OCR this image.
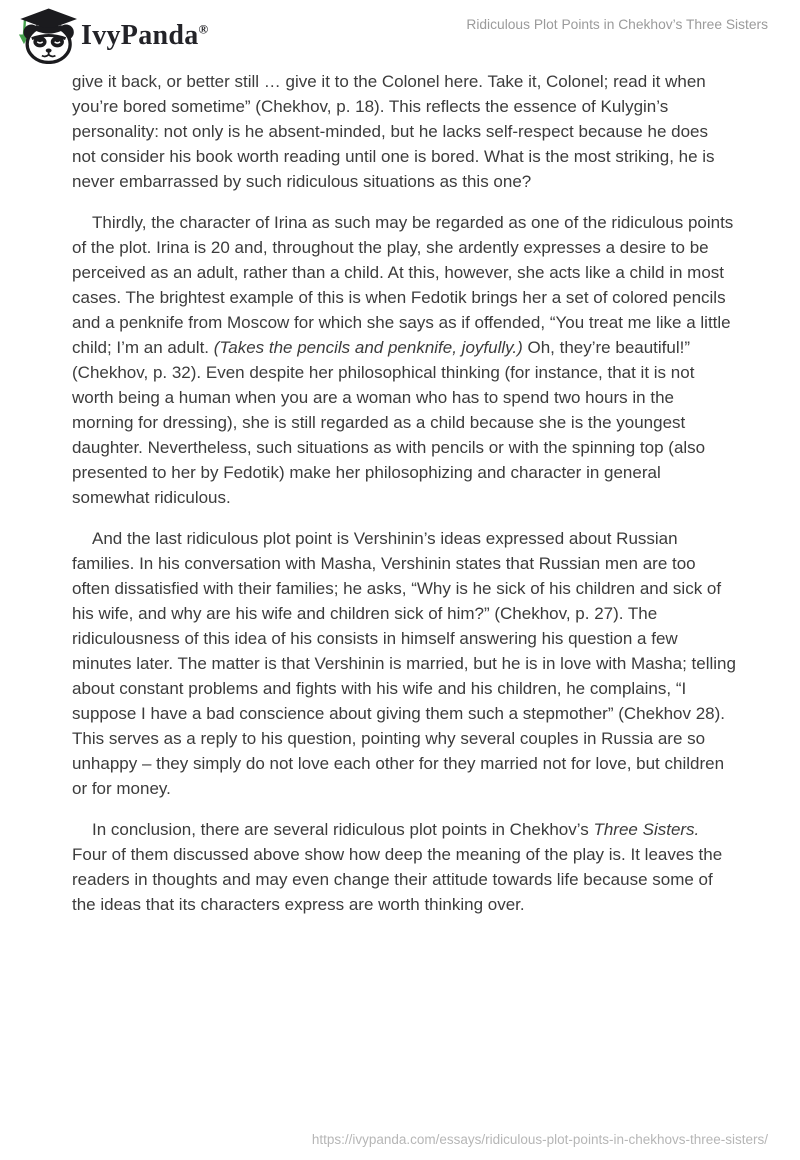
IvyPanda®	Ridiculous Plot Points in Chekhov’s Three Sisters

give it back, or better still … give it to the Colonel here. Take it, Colonel; read it when you’re bored sometime” (Chekhov, p. 18). This reflects the essence of Kulygin’s personality: not only is he absent-minded, but he lacks self-respect because he does not consider his book worth reading until one is bored. What is the most striking, he is never embarrassed by such ridiculous situations as this one?

Thirdly, the character of Irina as such may be regarded as one of the ridiculous points of the plot. Irina is 20 and, throughout the play, she ardently expresses a desire to be perceived as an adult, rather than a child. At this, however, she acts like a child in most cases. The brightest example of this is when Fedotik brings her a set of colored pencils and a penknife from Moscow for which she says as if offended, “You treat me like a little child; I’m an adult. (Takes the pencils and penknife, joyfully.) Oh, they’re beautiful!” (Chekhov, p. 32). Even despite her philosophical thinking (for instance, that it is not worth being a human when you are a woman who has to spend two hours in the morning for dressing), she is still regarded as a child because she is the youngest daughter. Nevertheless, such situations as with pencils or with the spinning top (also presented to her by Fedotik) make her philosophizing and character in general somewhat ridiculous.

And the last ridiculous plot point is Vershinin’s ideas expressed about Russian families. In his conversation with Masha, Vershinin states that Russian men are too often dissatisfied with their families; he asks, “Why is he sick of his children and sick of his wife, and why are his wife and children sick of him?” (Chekhov, p. 27). The ridiculousness of this idea of his consists in himself answering his question a few minutes later. The matter is that Vershinin is married, but he is in love with Masha; telling about constant problems and fights with his wife and his children, he complains, “I suppose I have a bad conscience about giving them such a stepmother” (Chekhov 28). This serves as a reply to his question, pointing why several couples in Russia are so unhappy – they simply do not love each other for they married not for love, but children or for money.

In conclusion, there are several ridiculous plot points in Chekhov’s Three Sisters. Four of them discussed above show how deep the meaning of the play is. It leaves the readers in thoughts and may even change their attitude towards life because some of the ideas that its characters express are worth thinking over.

https://ivypanda.com/essays/ridiculous-plot-points-in-chekhovs-three-sisters/
